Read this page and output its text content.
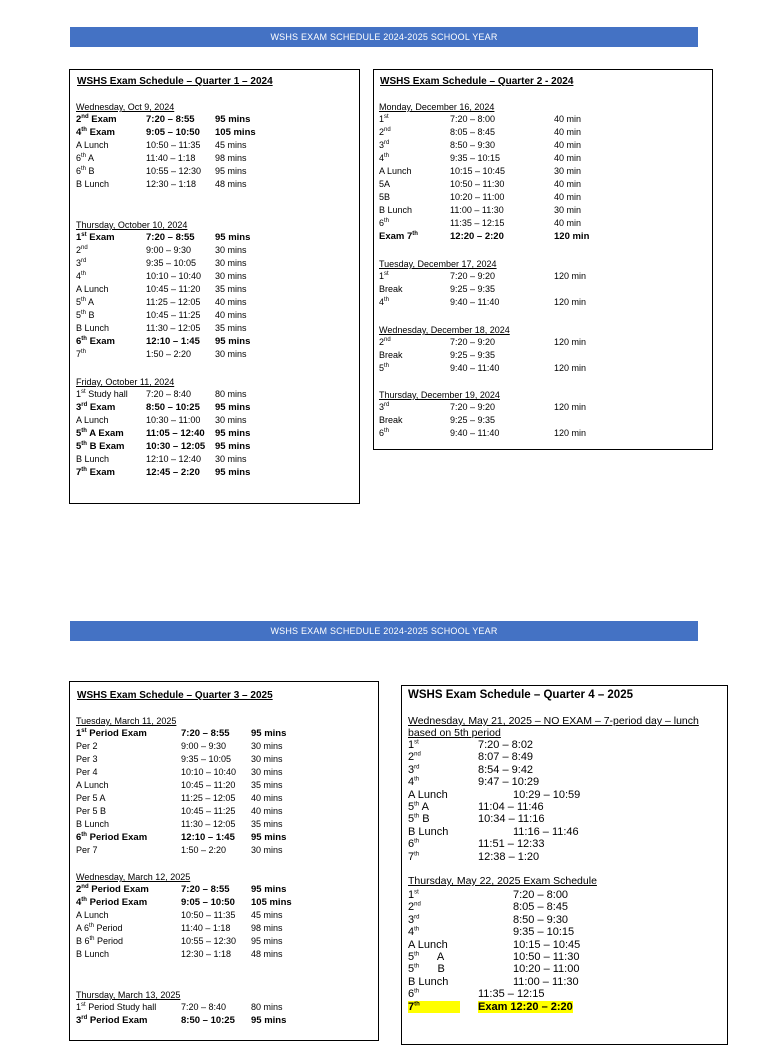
WSHS EXAM SCHEDULE 2024-2025 SCHOOL YEAR
WSHS Exam Schedule – Quarter 1 – 2024	WSHS Exam Schedule – Quarter 2 - 2024
WSHS EXAM SCHEDULE 2024-2025 SCHOOL YEAR
WSHS Exam Schedule – Quarter 3 – 2025	WSHS Exam Schedule – Quarter 4 – 2025
Wednesday, Oct 9, 2024
2nd Exam	7:20 – 8:55 95 mins
4th Exam	9:05 – 10:50 105 mins
A Lunch	10:50 – 11:35 45 mins
6th A	11:40 – 1:18 98 mins
6th B	10:55 – 12:30 95 mins
B Lunch	12:30 – 1:18 48 mins
Thursday, October 10, 2024
1st Exam	7:20 – 8:55 95 mins
2nd	9:00 – 9:30	30 mins
3rd	9:35 – 10:05 30 mins
4th	10:10 – 10:40 30 mins
A Lunch	10:45 – 11:20 35 mins
5th A	11:25 – 12:05 40 mins
5th B	10:45 – 11:25 40 mins
B Lunch	11:30 – 12:05 35 mins
6th Exam	12:10 – 1:45 95 mins
7th	1:50 – 2:20	30 mins
Friday, October 11, 2024
1st Study hall 7:20 – 8:40	80 mins
3rd Exam	8:50 – 10:25 95 mins
A Lunch	10:30 – 11:00 30 mins
5th A Exam 11:05 – 12:40 95 mins
5th B Exam 10:30 – 12:05 95 mins
B Lunch	12:10 – 12:40 30 mins
7th Exam	12:45 – 2:20 95 mins
Monday, December 16, 2024
1st	7:20 – 8:00	40 min
2nd	8:05 – 8:45	40 min
3rd	8:50 – 9:30	40 min
4th	9:35 – 10:15	40 min
A Lunch	10:15 – 10:45	30 min
5A	10:50 – 11:30	40 min
5B	10:20 – 11:00	40 min
B Lunch	11:00 – 11:30	30 min
6th	11:35 – 12:15	40 min
Exam 7th	12:20 – 2:20	120 min
Tuesday, December 17, 2024
1st	7:20 – 9:20	120 min
Break	9:25 – 9:35
4th	9:40 – 11:40	120 min
Wednesday, December 18, 2024
2nd	7:20 – 9:20	120 min
Break	9:25 – 9:35
5th	9:40 – 11:40	120 min
Thursday, December 19, 2024
3rd	7:20 – 9:20	120 min
Break	9:25 – 9:35
6th	9:40 – 11:40	120 min
Tuesday, March 11, 2025
1st Period Exam	7:20 – 8:55 95 mins
Per 2	9:00 – 9:30	30 mins
Per 3	9:35 – 10:05 30 mins
Per 4	10:10 – 10:40 30 mins
A Lunch	10:45 – 11:20 35 mins
Per 5 A	11:25 – 12:05 40 mins
Per 5 B	10:45 – 11:25 40 mins
B Lunch	11:30 – 12:05 35 mins
6th Period Exam	12:10 – 1:45 95 mins
Per 7	1:50 – 2:20	30 mins
Wednesday, March 12, 2025
2nd Period Exam	7:20 – 8:55 95 mins
4th Period Exam	9:05 – 10:50 105 mins
A Lunch	10:50 – 11:35 45 mins
A 6th Period	11:40 – 1:18 98 mins
B 6th Period	10:55 – 12:30 95 mins
B Lunch	12:30 – 1:18 48 mins
Thursday, March 13, 2025
1st Period Study hall	7:20 – 8:40	80 mins
3rd Period Exam	8:50 – 10:25 95 mins
Wednesday, May 21, 2025 – NO EXAM – 7-period day – lunch
based on 5th period
1st	7:20 – 8:02
2nd	8:07 – 8:49
3rd	8:54 – 9:42
4th	9:47 – 10:29
A Lunch	10:29 – 10:59
5th A	11:04 – 11:46
5th B	10:34 – 11:16
B Lunch	11:16 – 11:46
6th	11:51 – 12:33
7th	12:38 – 1:20
Thursday, May 22, 2025 Exam Schedule
1st	7:20 – 8:00
2nd	8:05 – 8:45
3rd	8:50 – 9:30
4th	9:35 – 10:15
A Lunch	10:15 – 10:45
5th      A	10:50 – 11:30
5th      B	10:20 – 11:00
B Lunch	11:00 – 11:30
6th	11:35 – 12:15
7th	Exam 12:20 – 2:20
